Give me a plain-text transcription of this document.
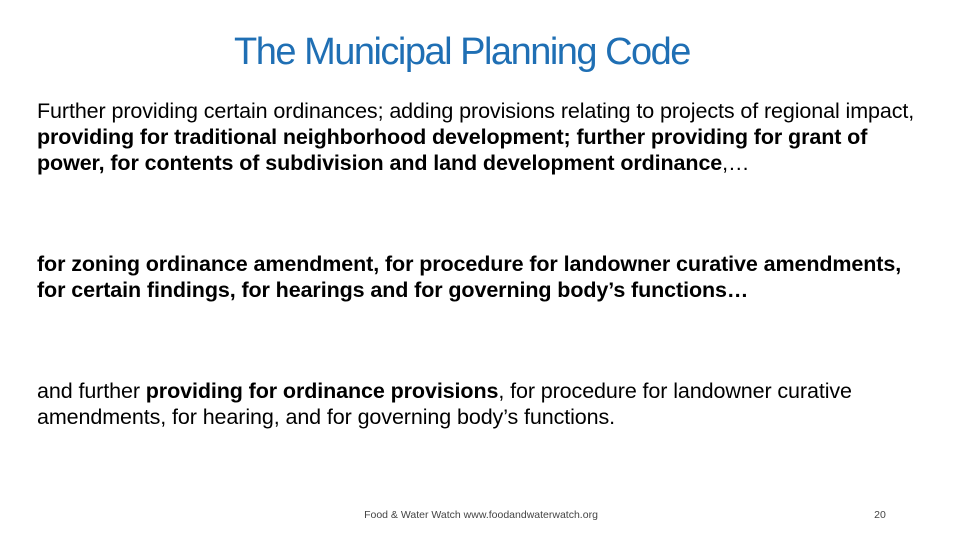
The Municipal Planning Code

Further providing certain ordinances; adding provisions relating to projects of regional impact, providing for traditional neighborhood development; further providing for grant of power, for contents of subdivision and land development ordinance,…

for zoning ordinance amendment, for procedure for landowner curative amendments, for certain findings, for hearings and for governing body’s functions…

and further providing for ordinance provisions, for procedure for landowner curative amendments, for hearing, and for governing body’s functions.

Food & Water Watch www.foodandwaterwatch.org	20
